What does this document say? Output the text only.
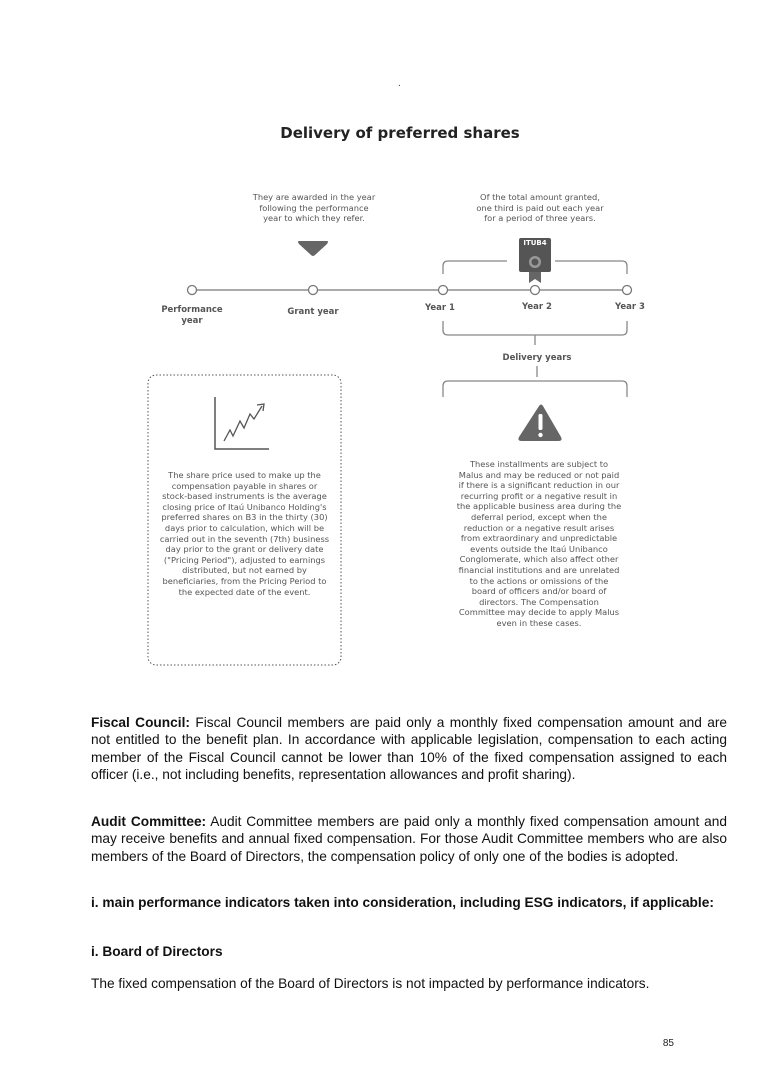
.
Delivery of preferred shares
They are awarded in the year
following the performance
year to which they refer.
Of the total amount granted,
one third is paid out each year
for a period of three years.
Performance
year
Grant year	Year 1	Year 2	Year 3
Delivery years
ITUB4
The share price used to make up the
compensation payable in shares or
stock-based instruments is the average
closing price of Itaú Unibanco Holding's
preferred shares on B3 in the thirty (30)
days prior to calculation, which will be
carried out in the seventh (7th) business
day prior to the grant or delivery date
("Pricing Period"), adjusted to earnings
distributed, but not earned by
beneficiaries, from the Pricing Period to
the expected date of the event.
These installments are subject to
Malus and may be reduced or not paid
if there is a significant reduction in our
recurring profit or a negative result in
the applicable business area during the
deferral period, except when the
reduction or a negative result arises
from extraordinary and unpredictable
events outside the Itaú Unibanco
Conglomerate, which also affect other
financial institutions and are unrelated
to the actions or omissions of the
board of officers and/or board of
directors. The Compensation
Committee may decide to apply Malus
even in these cases.

Fiscal Council: Fiscal Council members are paid only a monthly fixed compensation amount and are not entitled to the benefit plan. In accordance with applicable legislation, compensation to each acting member of the Fiscal Council cannot be lower than 10% of the fixed compensation assigned to each officer (i.e., not including benefits, representation allowances and profit sharing).

Audit Committee: Audit Committee members are paid only a monthly fixed compensation amount and may receive benefits and annual fixed compensation. For those Audit Committee members who are also members of the Board of Directors, the compensation policy of only one of the bodies is adopted.

i. main performance indicators taken into consideration, including ESG indicators, if applicable:

i. Board of Directors

The fixed compensation of the Board of Directors is not impacted by performance indicators.

85
